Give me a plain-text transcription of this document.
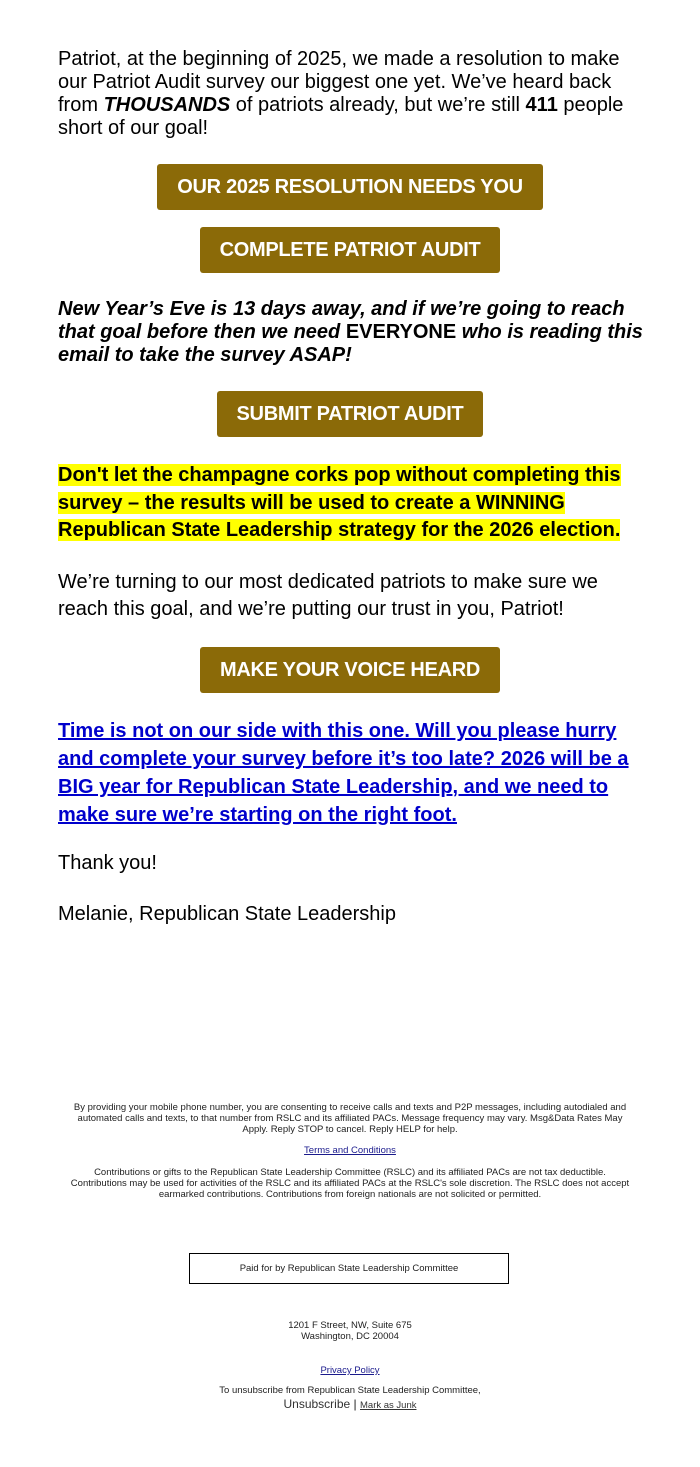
Patriot, at the beginning of 2025, we made a resolution to make our Patriot Audit survey our biggest one yet. We’ve heard back from THOUSANDS of patriots already, but we’re still 411 people short of our goal!

OUR 2025 RESOLUTION NEEDS YOU
COMPLETE PATRIOT AUDIT

New Year’s Eve is 13 days away, and if we’re going to reach that goal before then we need EVERYONE who is reading this email to take the survey ASAP!

SUBMIT PATRIOT AUDIT

Don't let the champagne corks pop without completing this survey – the results will be used to create a WINNING Republican State Leadership strategy for the 2026 election.

We’re turning to our most dedicated patriots to make sure we reach this goal, and we’re putting our trust in you, Patriot!

MAKE YOUR VOICE HEARD

Time is not on our side with this one. Will you please hurry and complete your survey before it’s too late? 2026 will be a BIG year for Republican State Leadership, and we need to make sure we’re starting on the right foot.

Thank you!

Melanie, Republican State Leadership

By providing your mobile phone number, you are consenting to receive calls and texts and P2P messages, including autodialed and automated calls and texts, to that number from RSLC and its affiliated PACs. Message frequency may vary. Msg&Data Rates May Apply. Reply STOP to cancel. Reply HELP for help.
Terms and Conditions
Contributions or gifts to the Republican State Leadership Committee (RSLC) and its affiliated PACs are not tax deductible. Contributions may be used for activities of the RSLC and its affiliated PACs at the RSLC's sole discretion. The RSLC does not accept earmarked contributions. Contributions from foreign nationals are not solicited or permitted.
Paid for by Republican State Leadership Committee
1201 F Street, NW, Suite 675
Washington, DC 20004
Privacy Policy
To unsubscribe from Republican State Leadership Committee,
Unsubscribe | Mark as Junk
